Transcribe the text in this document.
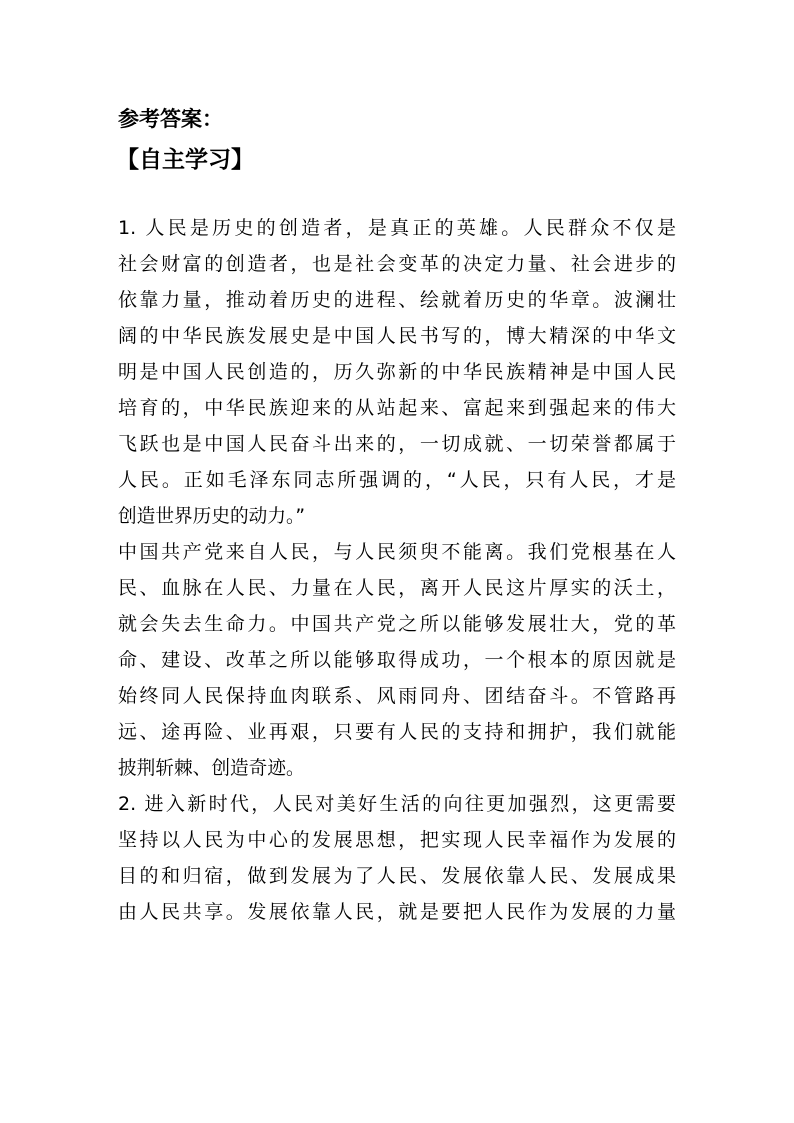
参考答案：
【自主学习】
1. 人民是历史的创造者，是真正的英雄。人民群众不仅是
社会财富的创造者，也是社会变革的决定力量、社会进步的
依靠力量，推动着历史的进程、绘就着历史的华章。波澜壮
阔的中华民族发展史是中国人民书写的，博大精深的中华文
明是中国人民创造的，历久弥新的中华民族精神是中国人民
培育的，中华民族迎来的从站起来、富起来到强起来的伟大
飞跃也是中国人民奋斗出来的，一切成就、一切荣誉都属于
人民。正如毛泽东同志所强调的，“人民，只有人民，才是
创造世界历史的动力。”
中国共产党来自人民，与人民须臾不能离。我们党根基在人
民、血脉在人民、力量在人民，离开人民这片厚实的沃土，
就会失去生命力。中国共产党之所以能够发展壮大，党的革
命、建设、改革之所以能够取得成功，一个根本的原因就是
始终同人民保持血肉联系、风雨同舟、团结奋斗。不管路再
远、途再险、业再艰，只要有人民的支持和拥护，我们就能
披荆斩棘、创造奇迹。
2. 进入新时代，人民对美好生活的向往更加强烈，这更需要
坚持以人民为中心的发展思想，把实现人民幸福作为发展的
目的和归宿，做到发展为了人民、发展依靠人民、发展成果
由人民共享。发展依靠人民，就是要把人民作为发展的力量
